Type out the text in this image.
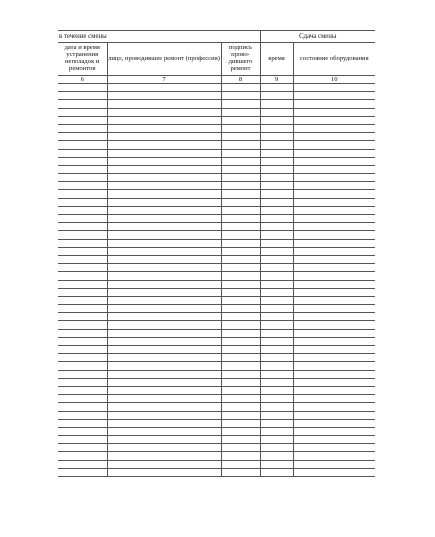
в течение смены			Сдача смены	
дата и время устранения неполадок и ремонтов	лицо, проводившее ремонт (профессия)	подпись прово-дившего ремонт	время	состояние оборудования
6	7	8	9	10
